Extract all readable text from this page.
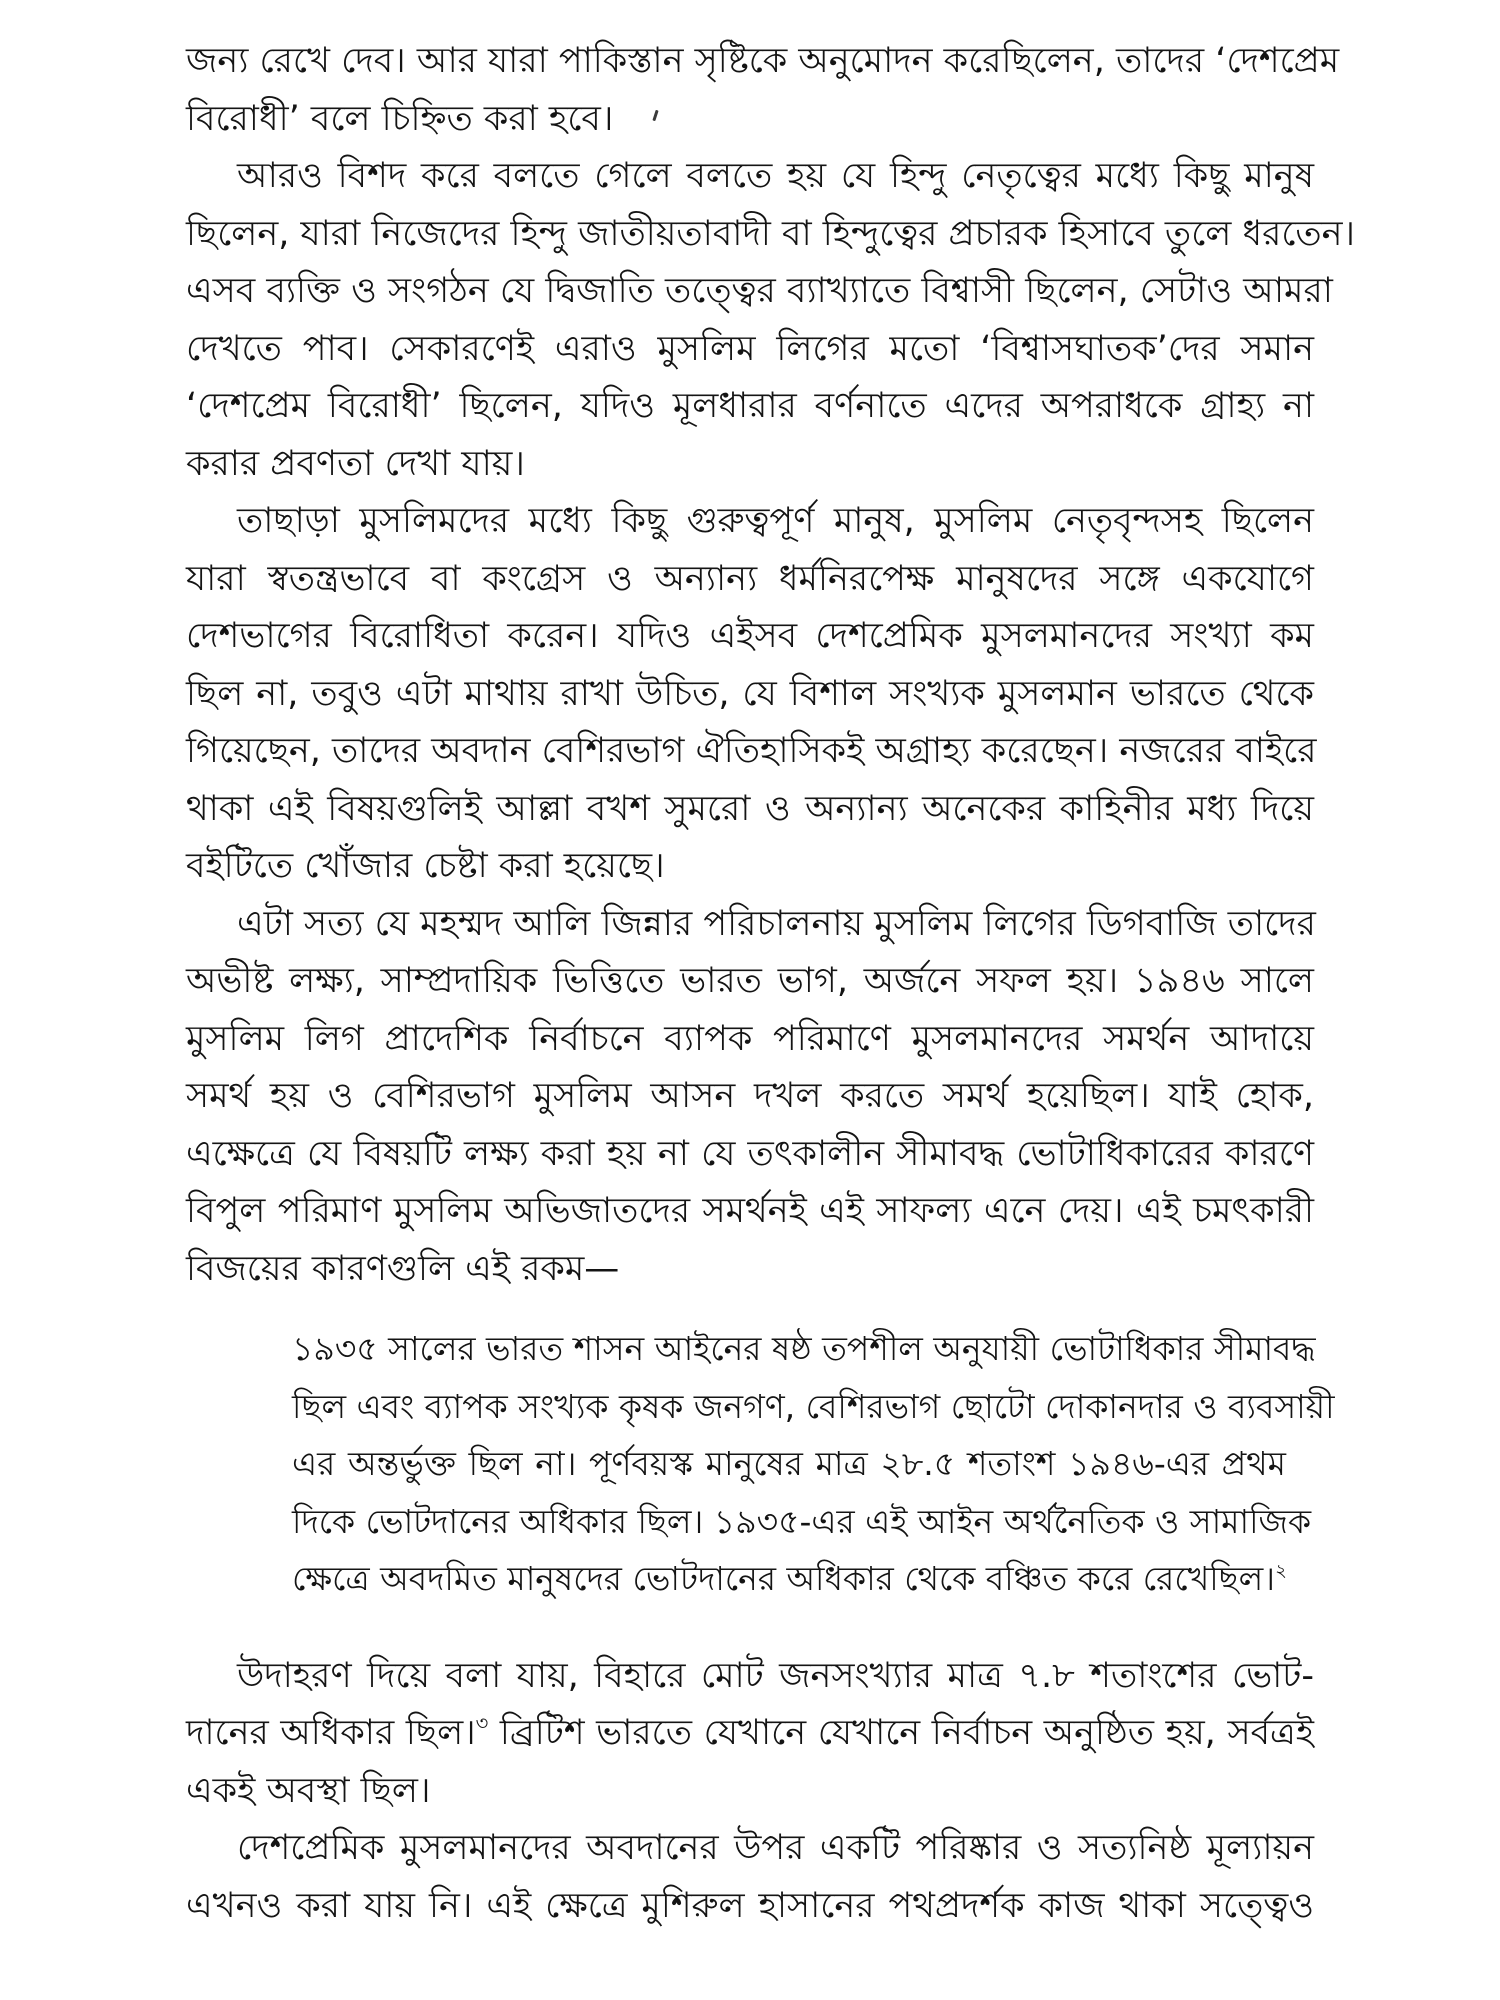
জন্য রেখে দেব। আর যারা পাকিস্তান সৃষ্টিকে অনুমোদন করেছিলেন, তাদের ‘দেশপ্রেম
বিরোধী’ বলে চিহ্নিত করা হবে।
আরও বিশদ করে বলতে গেলে বলতে হয় যে হিন্দু নেতৃত্বের মধ্যে কিছু মানুষ
ছিলেন, যারা নিজেদের হিন্দু জাতীয়তাবাদী বা হিন্দুত্বের প্রচারক হিসাবে তুলে ধরতেন।
এসব ব্যক্তি ও সংগঠন যে দ্বিজাতি তত্ত্বের ব্যাখ্যাতে বিশ্বাসী ছিলেন, সেটাও আমরা
দেখতে পাব। সেকারণেই এরাও মুসলিম লিগের মতো ‘বিশ্বাসঘাতক’দের সমান
‘দেশপ্রেম বিরোধী’ ছিলেন, যদিও মূলধারার বর্ণনাতে এদের অপরাধকে গ্রাহ্য না
করার প্রবণতা দেখা যায়।
তাছাড়া মুসলিমদের মধ্যে কিছু গুরুত্বপূর্ণ মানুষ, মুসলিম নেতৃবৃন্দসহ ছিলেন
যারা স্বতন্ত্রভাবে বা কংগ্রেস ও অন্যান্য ধর্মনিরপেক্ষ মানুষদের সঙ্গে একযোগে
দেশভাগের বিরোধিতা করেন। যদিও এইসব দেশপ্রেমিক মুসলমানদের সংখ্যা কম
ছিল না, তবুও এটা মাথায় রাখা উচিত, যে বিশাল সংখ্যক মুসলমান ভারতে থেকে
গিয়েছেন, তাদের অবদান বেশিরভাগ ঐতিহাসিকই অগ্রাহ্য করেছেন। নজরের বাইরে
থাকা এই বিষয়গুলিই আল্লা বখশ সুমরো ও অন্যান্য অনেকের কাহিনীর মধ্য দিয়ে
বইটিতে খোঁজার চেষ্টা করা হয়েছে।
এটা সত্য যে মহম্মদ আলি জিন্নার পরিচালনায় মুসলিম লিগের ডিগবাজি তাদের
অভীষ্ট লক্ষ্য, সাম্প্রদায়িক ভিত্তিতে ভারত ভাগ, অর্জনে সফল হয়। ১৯৪৬ সালে
মুসলিম লিগ প্রাদেশিক নির্বাচনে ব্যাপক পরিমাণে মুসলমানদের সমর্থন আদায়ে
সমর্থ হয় ও বেশিরভাগ মুসলিম আসন দখল করতে সমর্থ হয়েছিল। যাই হোক,
এক্ষেত্রে যে বিষয়টি লক্ষ্য করা হয় না যে তৎকালীন সীমাবদ্ধ ভোটাধিকারের কারণে
বিপুল পরিমাণ মুসলিম অভিজাতদের সমর্থনই এই সাফল্য এনে দেয়। এই চমৎকারী
বিজয়ের কারণগুলি এই রকম—
১৯৩৫ সালের ভারত শাসন আইনের ষষ্ঠ তপশীল অনুযায়ী ভোটাধিকার সীমাবদ্ধ
ছিল এবং ব্যাপক সংখ্যক কৃষক জনগণ, বেশিরভাগ ছোটো দোকানদার ও ব্যবসায়ী
এর অন্তর্ভুক্ত ছিল না। পূর্ণবয়স্ক মানুষের মাত্র ২৮.৫ শতাংশ ১৯৪৬-এর প্রথম
দিকে ভোটদানের অধিকার ছিল। ১৯৩৫-এর এই আইন অর্থনৈতিক ও সামাজিক
ক্ষেত্রে অবদমিত মানুষদের ভোটদানের অধিকার থেকে বঞ্চিত করে রেখেছিল।$^২$
উদাহরণ দিয়ে বলা যায়, বিহারে মোট জনসংখ্যার মাত্র ৭.৮ শতাংশের ভোট-
দানের অধিকার ছিল।$^৩$ ব্রিটিশ ভারতে যেখানে যেখানে নির্বাচন অনুষ্ঠিত হয়, সর্বত্রই
একই অবস্থা ছিল।
দেশপ্রেমিক মুসলমানদের অবদানের উপর একটি পরিষ্কার ও সত্যনিষ্ঠ মূল্যায়ন
এখনও করা যায় নি। এই ক্ষেত্রে মুশিরুল হাসানের পথপ্রদর্শক কাজ থাকা সত্ত্বেও
